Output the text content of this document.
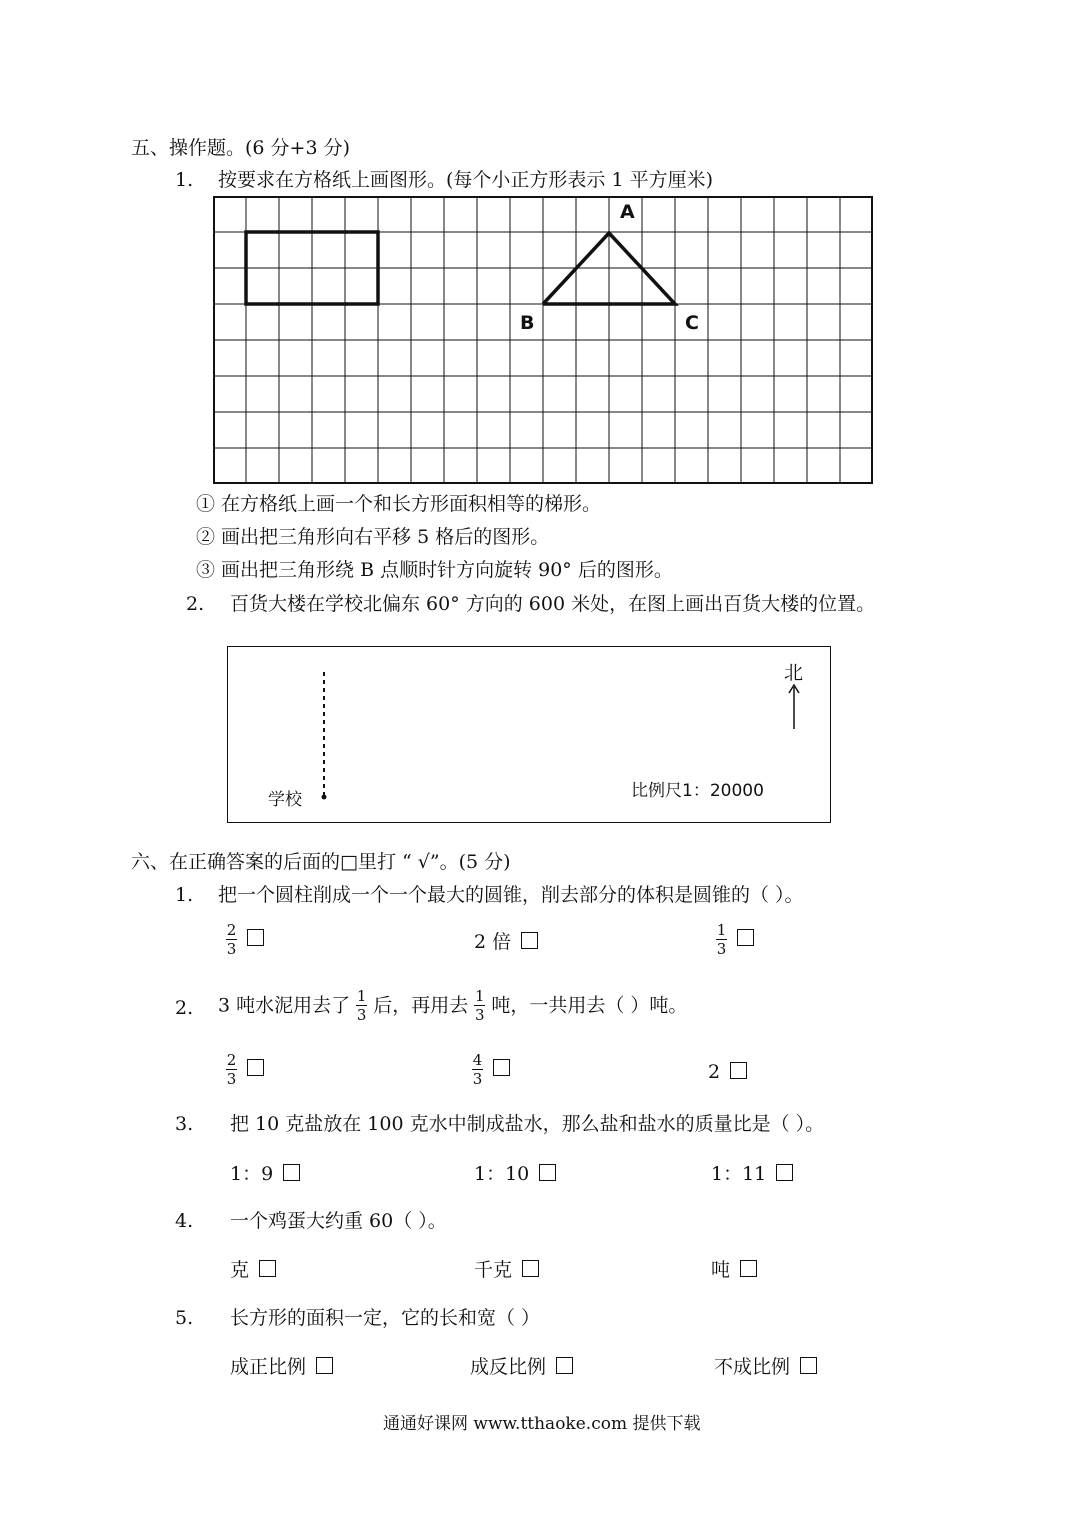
五、操作题。(6 分+3 分)
1. 按要求在方格纸上画图形。(每个小正方形表示 1 平方厘米)
A
B	C
① 在方格纸上画一个和长方形面积相等的梯形。
② 画出把三角形向右平移 5 格后的图形。
③ 画出把三角形绕 B 点顺时针方向旋转 90° 后的图形。
2. 百货大楼在学校北偏东 60° 方向的 600 米处，在图上画出百货大楼的位置。
北
学校	比例尺1：20000
六、在正确答案的后面的□里打 “ √”。(5 分)
1. 把一个圆柱削成一个一个最大的圆锥，削去部分的体积是圆锥的（ ）。
$\frac{2}{3}$	2 倍	$\frac{1}{3}$
2. 3 吨水泥用去了 $\frac{1}{3}$ 后，再用去 $\frac{1}{3}$ 吨，一共用去（ ）吨。
$\frac{2}{3}$	$\frac{4}{3}$	2
3. 把 10 克盐放在 100 克水中制成盐水，那么盐和盐水的质量比是（ ）。
1：9	1：10	1：11
4. 一个鸡蛋大约重 60（ ）。
克	千克	吨
5. 长方形的面积一定，它的长和宽（ ）
成正比例	成反比例	不成比例
通通好课网 www.tthaoke.com 提供下载
